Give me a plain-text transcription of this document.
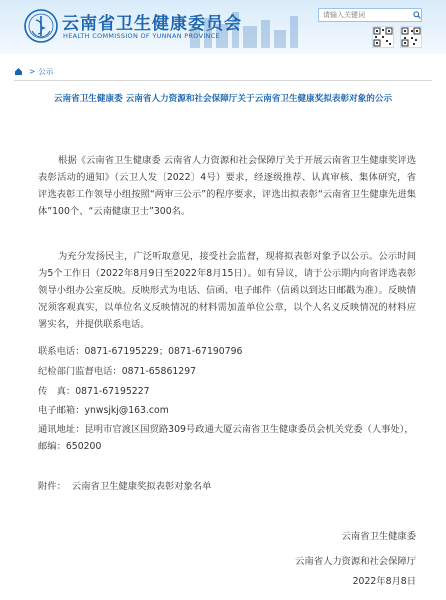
云南省卫生健康委员会
HEALTH COMMISSION OF YUNNAN PROVINCE
请输入关键词
> 公示
云南省卫生健康委 云南省人力资源和社会保障厅关于云南省卫生健康奖拟表彰对象的公示
根据《云南省卫生健康委 云南省人力资源和社会保障厅关于开展云南省卫生健康奖评选表彰活动的通知》（云卫人发〔2022〕4号）要求，经逐级推荐、认真审核、集体研究，省评选表彰工作领导小组按照“两审三公示”的程序要求，评选出拟表彰“云南省卫生健康先进集体”100个、“云南健康卫士”300名。
为充分发扬民主，广泛听取意见，接受社会监督，现将拟表彰对象予以公示。公示时间为5个工作日（2022年8月9日至2022年8月15日）。如有异议，请于公示期内向省评选表彰领导小组办公室反映。反映形式为电话、信函、电子邮件（信函以到达日邮戳为准）。反映情况须客观真实，以单位名义反映情况的材料需加盖单位公章，以个人名义反映情况的材料应署实名，并提供联系电话。
联系电话：0871-67195229；0871-67190796
纪检部门监督电话：0871-65861297
传　真：0871-67195227
电子邮箱：ynwsjkj@163.com
通讯地址：昆明市官渡区国贸路309号政通大厦云南省卫生健康委员会机关党委（人事处），邮编：650200
附件： 云南省卫生健康奖拟表彰对象名单
云南省卫生健康委
云南省人力资源和社会保障厅
2022年8月8日
